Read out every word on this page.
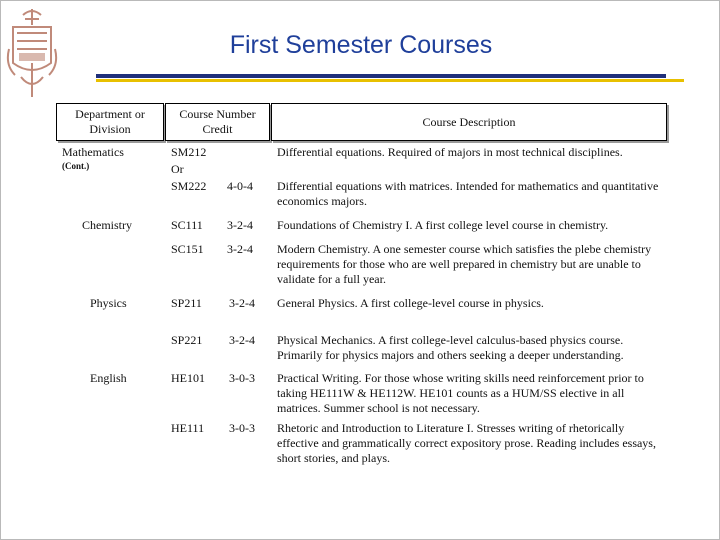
First Semester Courses
Department or Division
Course Number Credit
Course Description
Mathematics
(Cont.)
Chemistry
Physics
English
SM212
Or
SM222
Differential equations. Required of majors in most technical disciplines.
4-0-4 Differential equations with matrices. Intended for mathematics and quantitative economics majors.
SC111 3-2-4 Foundations of Chemistry I. A first college level course in chemistry.
SC151 3-2-4 Modern Chemistry. A one semester course which satisfies the plebe chemistry requirements for those who are well prepared in chemistry but are unable to validate for a full year.
SP211 3-2-4 General Physics. A first college-level course in physics.
SP221 3-2-4 Physical Mechanics. A first college-level calculus-based physics course. Primarily for physics majors and others seeking a deeper understanding.
HE101 3-0-3 Practical Writing. For those whose writing skills need reinforcement prior to taking HE111W & HE112W. HE101 counts as a HUM/SS elective in all matrices. Summer school is not necessary.
HE111 3-0-3 Rhetoric and Introduction to Literature I. Stresses writing of rhetorically effective and grammatically correct expository prose. Reading includes essays, short stories, and plays.
